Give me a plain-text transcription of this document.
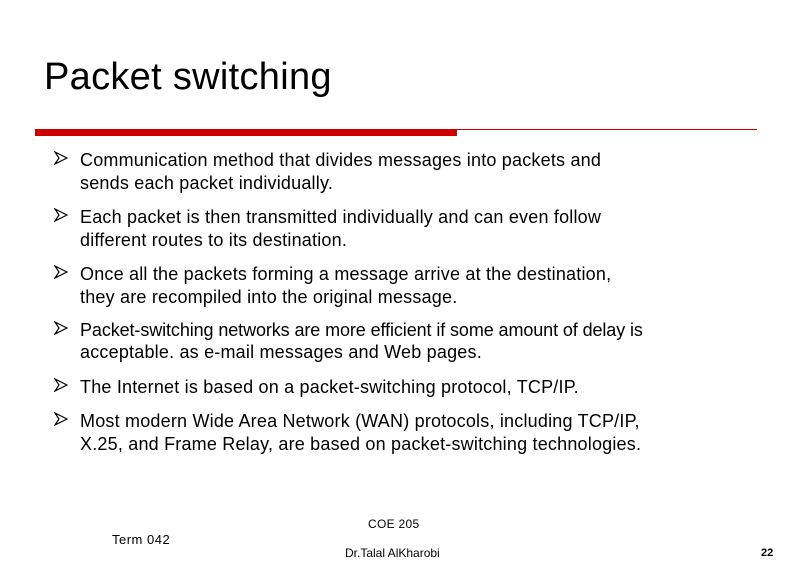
Packet switching
Communication method that divides messages into packets and
sends each packet individually.
Each packet is then transmitted individually and can even follow
different routes to its destination.
Once all the packets forming a message arrive at the destination,
they are recompiled into the original message.
Packet-switching networks are more efficient if some amount of delay is
acceptable. as e-mail messages and Web pages.
The Internet is based on a packet-switching protocol, TCP/IP.
Most modern Wide Area Network (WAN) protocols, including TCP/IP,
X.25, and Frame Relay, are based on packet-switching technologies.
Term 042
COE 205
Dr.Talal AlKharobi	22
